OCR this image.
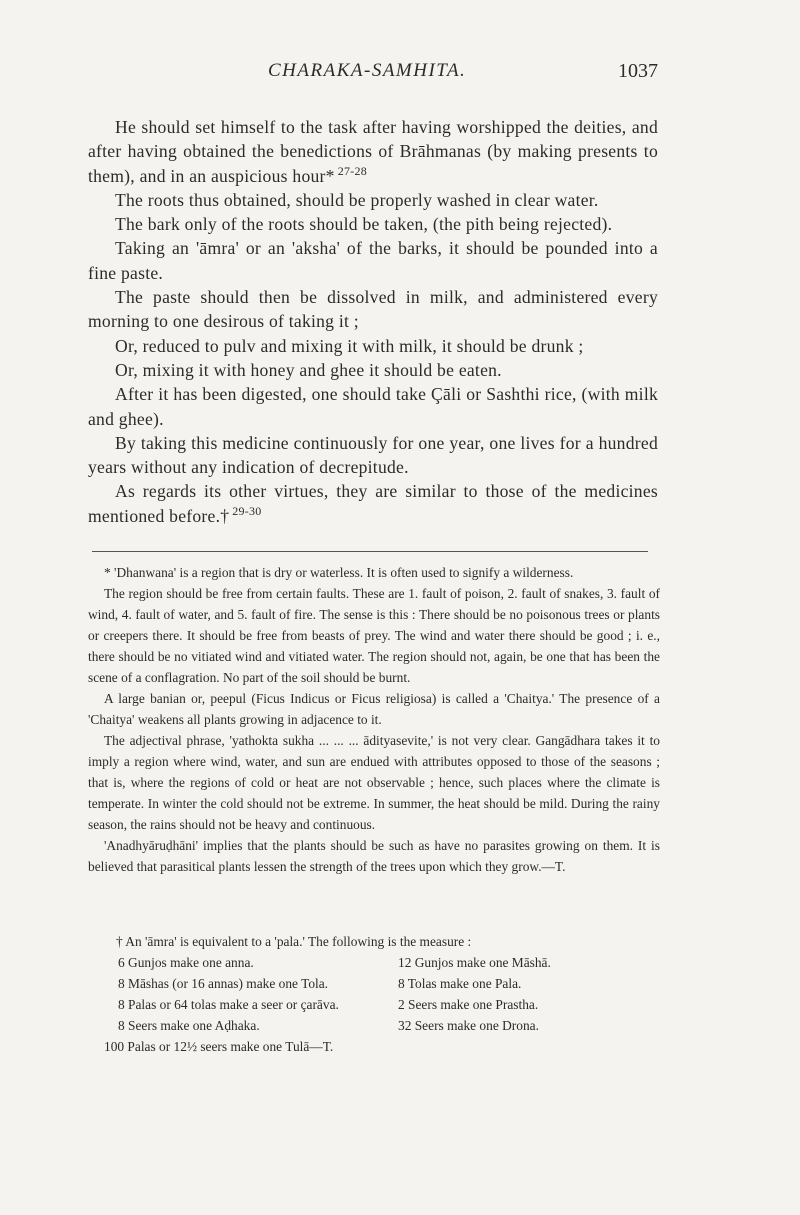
CHARAKA-SAMHITA.	1037

He should set himself to the task after having worshipped the deities, and after having obtained the benedictions of Brāhmanas (by making presents to them), and in an auspicious hour* $^{27-28}$

The roots thus obtained, should be properly washed in clear water.

The bark only of the roots should be taken, (the pith being rejected).

Taking an 'āmra' or an 'aksha' of the barks, it should be pounded into a fine paste.

The paste should then be dissolved in milk, and administered every morning to one desirous of taking it ;

Or, reduced to pulv and mixing it with milk, it should be drunk ;

Or, mixing it with honey and ghee it should be eaten.

After it has been digested, one should take Çāli or Sashthi rice, (with milk and ghee).

By taking this medicine continuously for one year, one lives for a hundred years without any indication of decrepitude.

As regards its other virtues, they are similar to those of the medicines mentioned before.† $^{29-30}$

* 'Dhanwana' is a region that is dry or waterless. It is often used to signify a wilderness.

The region should be free from certain faults. These are 1. fault of poison, 2. fault of snakes, 3. fault of wind, 4. fault of water, and 5. fault of fire. The sense is this : There should be no poisonous trees or plants or creepers there. It should be free from beasts of prey. The wind and water there should be good ; i. e., there should be no vitiated wind and vitiated water. The region should not, again, be one that has been the scene of a conflagration. No part of the soil should be burnt.

A large banian or, peepul (Ficus Indicus or Ficus religiosa) is called a 'Chaitya.' The presence of a 'Chaitya' weakens all plants growing in adjacence to it.

The adjectival phrase, 'yathokta sukha ... ... ... ādityasevite,' is not very clear. Gangādhara takes it to imply a region where wind, water, and sun are endued with attributes opposed to those of the seasons ; that is, where the regions of cold or heat are not observable ; hence, such places where the climate is temperate. In winter the cold should not be extreme. In summer, the heat should be mild. During the rainy season, the rains should not be heavy and continuous.

'Anadhyāruḍhāni' implies that the plants should be such as have no parasites growing on them. It is believed that parasitical plants lessen the strength of the trees upon which they grow.—T.

† An 'āmra' is equivalent to a 'pala.' The following is the measure :
6 Gunjos make one anna.	12 Gunjos make one Māshā.
8 Māshas (or 16 annas) make one Tola.	8 Tolas make one Pala.
8 Palas or 64 tolas make a seer or çarāva.	2 Seers make one Prastha.
8 Seers make one Aḍhaka.	32 Seers make one Drona.
100 Palas or 12½ seers make one Tulā—T.
